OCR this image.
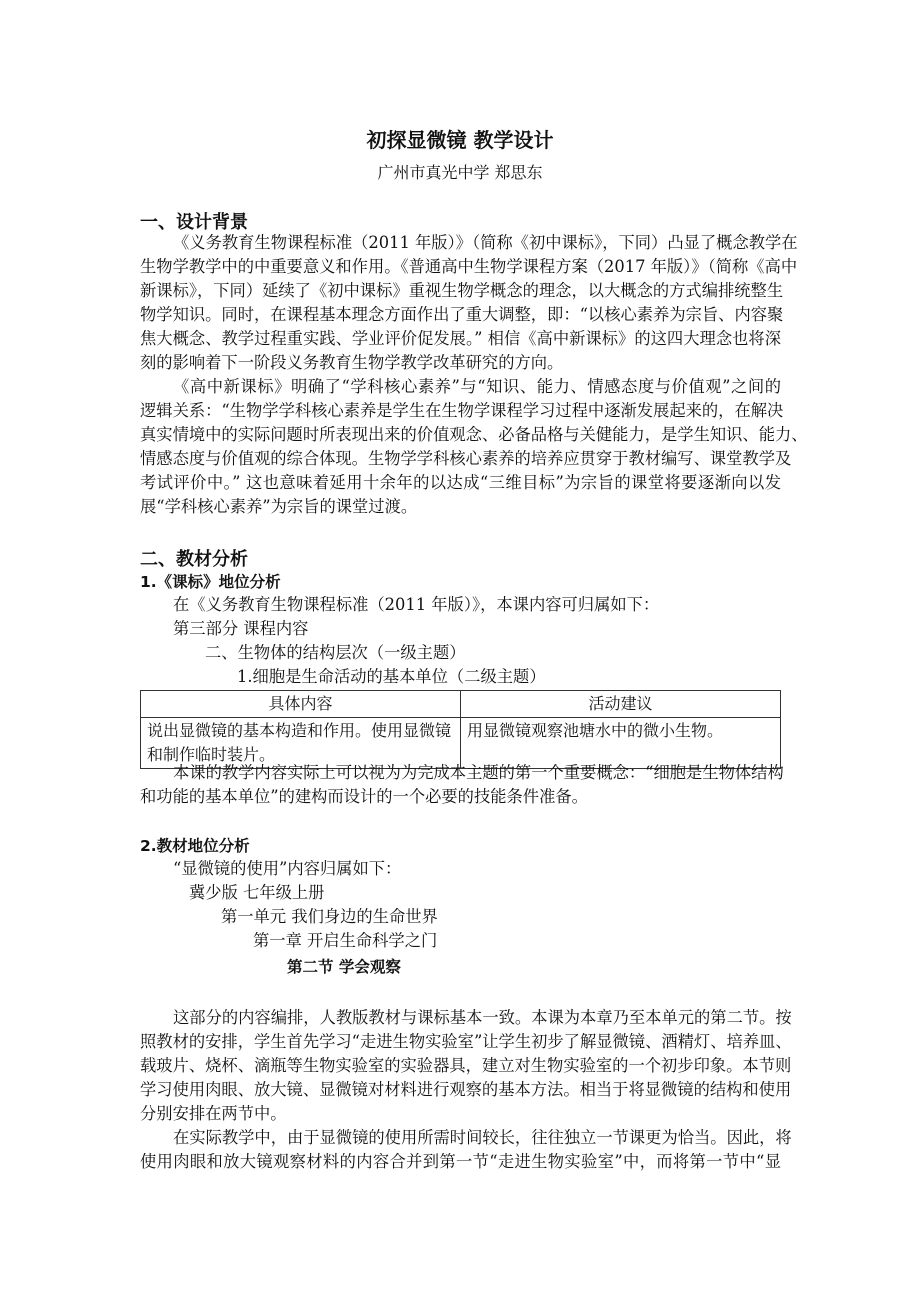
初探显微镜 教学设计
广州市真光中学 郑思东
一、设计背景
《义务教育生物课程标准（2011 年版）》（简称《初中课标》，下同）凸显了概念教学在
生物学教学中的中重要意义和作用。《普通高中生物学课程方案（2017 年版）》（简称《高中
新课标》，下同）延续了《初中课标》重视生物学概念的理念，以大概念的方式编排统整生
物学知识。同时，在课程基本理念方面作出了重大调整，即：“以核心素养为宗旨、内容聚
焦大概念、教学过程重实践、学业评价促发展。” 相信《高中新课标》的这四大理念也将深
刻的影响着下一阶段义务教育生物学教学改革研究的方向。
《高中新课标》明确了“学科核心素养”与“知识、能力、情感态度与价值观”之间的
逻辑关系：“生物学学科核心素养是学生在生物学课程学习过程中逐渐发展起来的，在解决
真实情境中的实际问题时所表现出来的价值观念、必备品格与关健能力，是学生知识、能力、
情感态度与价值观的综合体现。生物学学科核心素养的培养应贯穿于教材编写、课堂教学及
考试评价中。” 这也意味着延用十余年的以达成“三维目标”为宗旨的课堂将要逐渐向以发
展“学科核心素养”为宗旨的课堂过渡。
二、教材分析
1.《课标》地位分析
在《义务教育生物课程标准（2011 年版）》，本课内容可归属如下：
第三部分 课程内容
二、生物体的结构层次（一级主题）
1.细胞是生命活动的基本单位（二级主题）
具体内容	活动建议
说出显微镜的基本构造和作用。使用显微镜和制作临时装片。	用显微镜观察池塘水中的微小生物。
本课的教学内容实际上可以视为为完成本主题的第一个重要概念：“细胞是生物体结构
和功能的基本单位”的建构而设计的一个必要的技能条件准备。
2.教材地位分析
“显微镜的使用”内容归属如下：
冀少版 七年级上册
第一单元 我们身边的生命世界
第一章 开启生命科学之门
第二节 学会观察
这部分的内容编排，人教版教材与课标基本一致。本课为本章乃至本单元的第二节。按
照教材的安排，学生首先学习“走进生物实验室”让学生初步了解显微镜、酒精灯、培养皿、
载玻片、烧杯、滴瓶等生物实验室的实验器具，建立对生物实验室的一个初步印象。本节则
学习使用肉眼、放大镜、显微镜对材料进行观察的基本方法。相当于将显微镜的结构和使用
分别安排在两节中。
在实际教学中，由于显微镜的使用所需时间较长，往往独立一节课更为恰当。因此，将
使用肉眼和放大镜观察材料的内容合并到第一节“走进生物实验室”中，而将第一节中“显
